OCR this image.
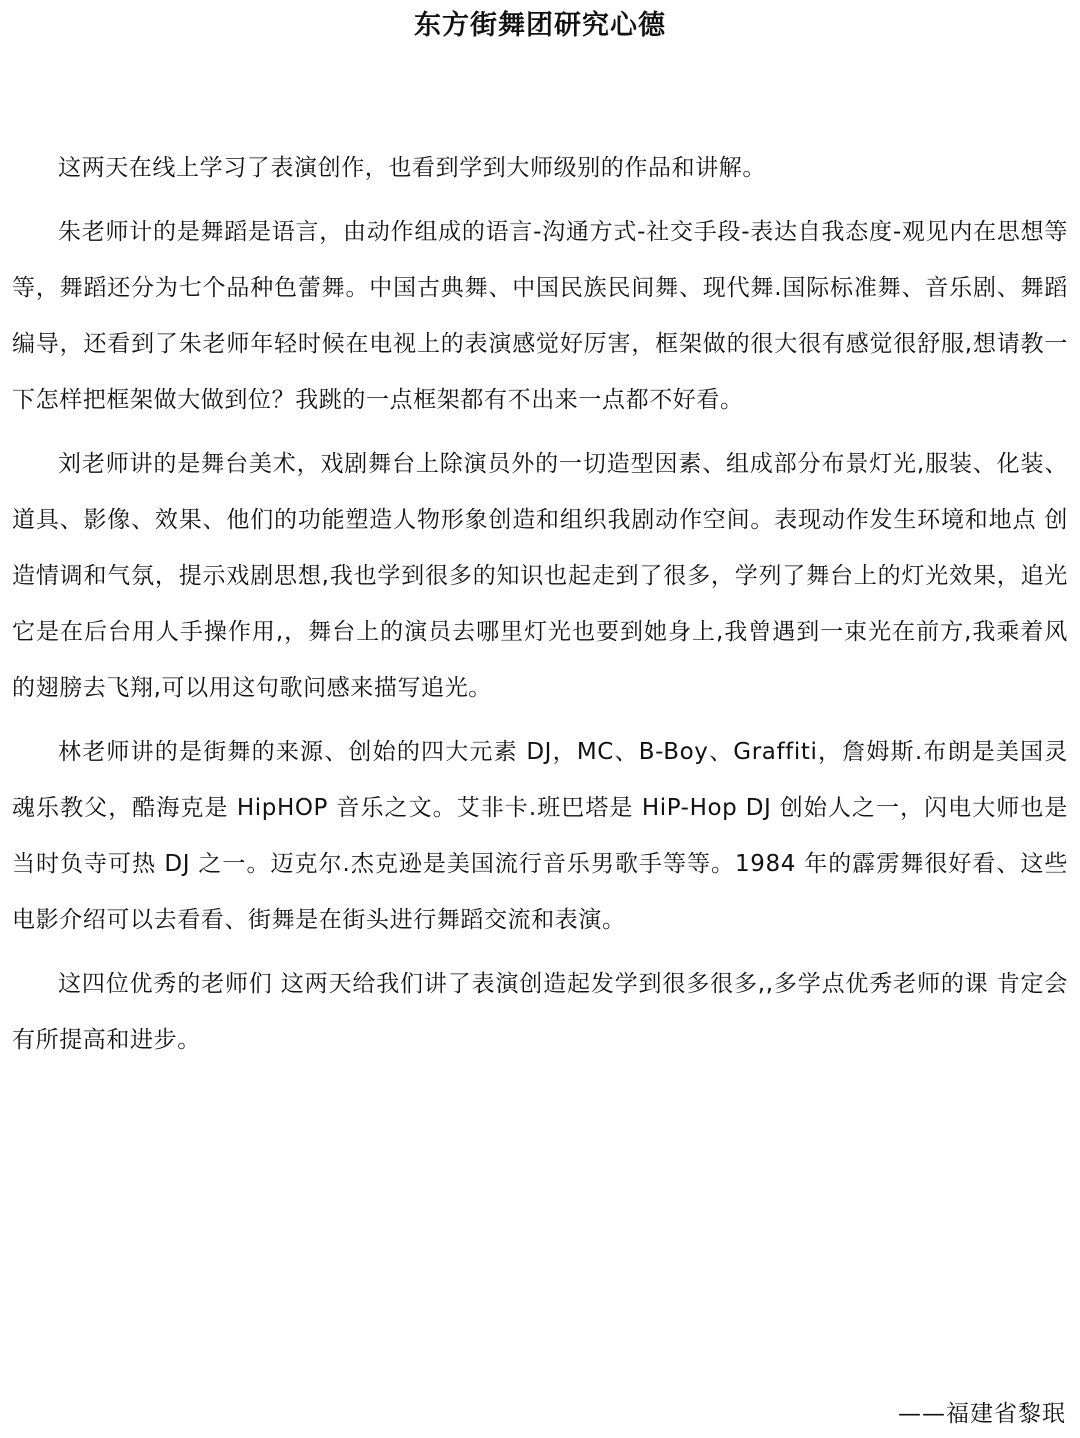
东方街舞团研究心德

这两天在线上学习了表演创作，也看到学到大师级别的作品和讲解。

朱老师计的是舞蹈是语言，由动作组成的语言-沟通方式-社交手段-表达自我态度-观见内在思想等等，舞蹈还分为七个品种色蕾舞。中国古典舞、中国民族民间舞、现代舞.国际标准舞、音乐剧、舞蹈编导，还看到了朱老师年轻时候在电视上的表演感觉好厉害，框架做的很大很有感觉很舒服,想请教一下怎样把框架做大做到位？我跳的一点框架都有不出来一点都不好看。

刘老师讲的是舞台美术，戏剧舞台上除演员外的一切造型因素、组成部分布景灯光,服装、化装、道具、影像、效果、他们的功能塑造人物形象创造和组织我剧动作空间。表现动作发生环境和地点 创造情调和气氛，提示戏剧思想,我也学到很多的知识也起走到了很多，学列了舞台上的灯光效果，追光它是在后台用人手操作用,，舞台上的演员去哪里灯光也要到她身上,我曾遇到一束光在前方,我乘着风的翅膀去飞翔,可以用这句歌问感来描写追光。

林老师讲的是街舞的来源、创始的四大元素 DJ，MC、B-Boy、Graffiti，詹姆斯.布朗是美国灵魂乐教父，酷海克是 HipHOP 音乐之文。艾非卡.班巴塔是 HiP-Hop DJ 创始人之一，闪电大师也是当时负寺可热 DJ 之一。迈克尔.杰克逊是美国流行音乐男歌手等等。1984 年的霹雳舞很好看、这些电影介绍可以去看看、街舞是在街头进行舞蹈交流和表演。

这四位优秀的老师们 这两天给我们讲了表演创造起发学到很多很多,,多学点优秀老师的课 肯定会有所提高和进步。

——福建省黎珉
